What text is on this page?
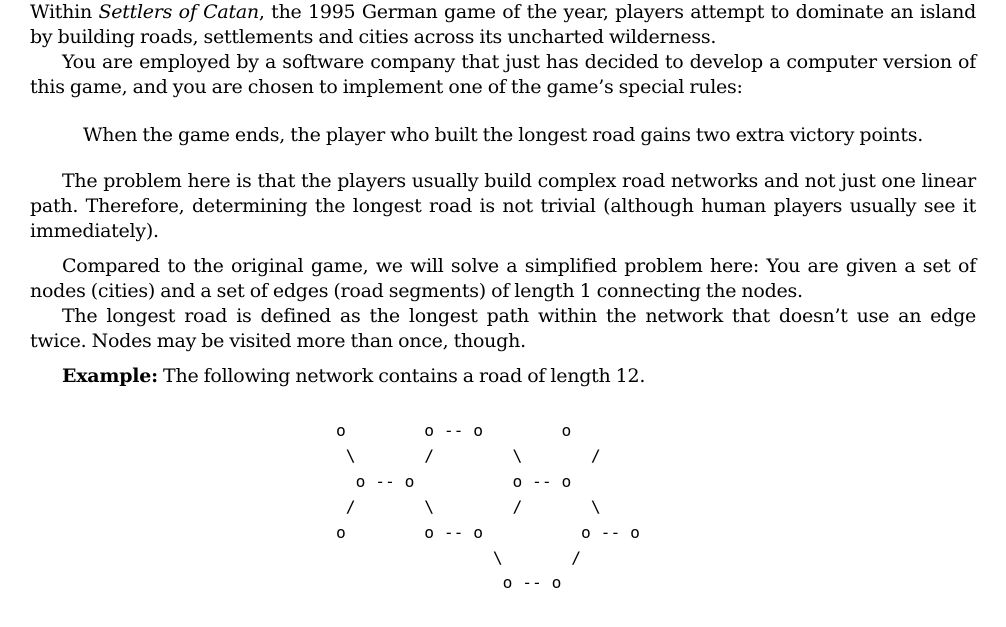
Within Settlers of Catan, the 1995 German game of the year, players attempt to dominate an island by building roads, settlements and cities across its uncharted wilderness.

You are employed by a software company that just has decided to develop a computer version of this game, and you are chosen to implement one of the game’s special rules:

When the game ends, the player who built the longest road gains two extra victory points.

The problem here is that the players usually build complex road networks and not just one linear path. Therefore, determining the longest road is not trivial (although human players usually see it immediately).

Compared to the original game, we will solve a simplified problem here: You are given a set of nodes (cities) and a set of edges (road segments) of length 1 connecting the nodes.

The longest road is defined as the longest path within the network that doesn’t use an edge twice. Nodes may be visited more than once, though.

Example: The following network contains a road of length 12.

o        o -- o        o
\       /        \       /
o -- o          o -- o
/       \        /       \
o        o -- o          o -- o
\       /
o -- o
